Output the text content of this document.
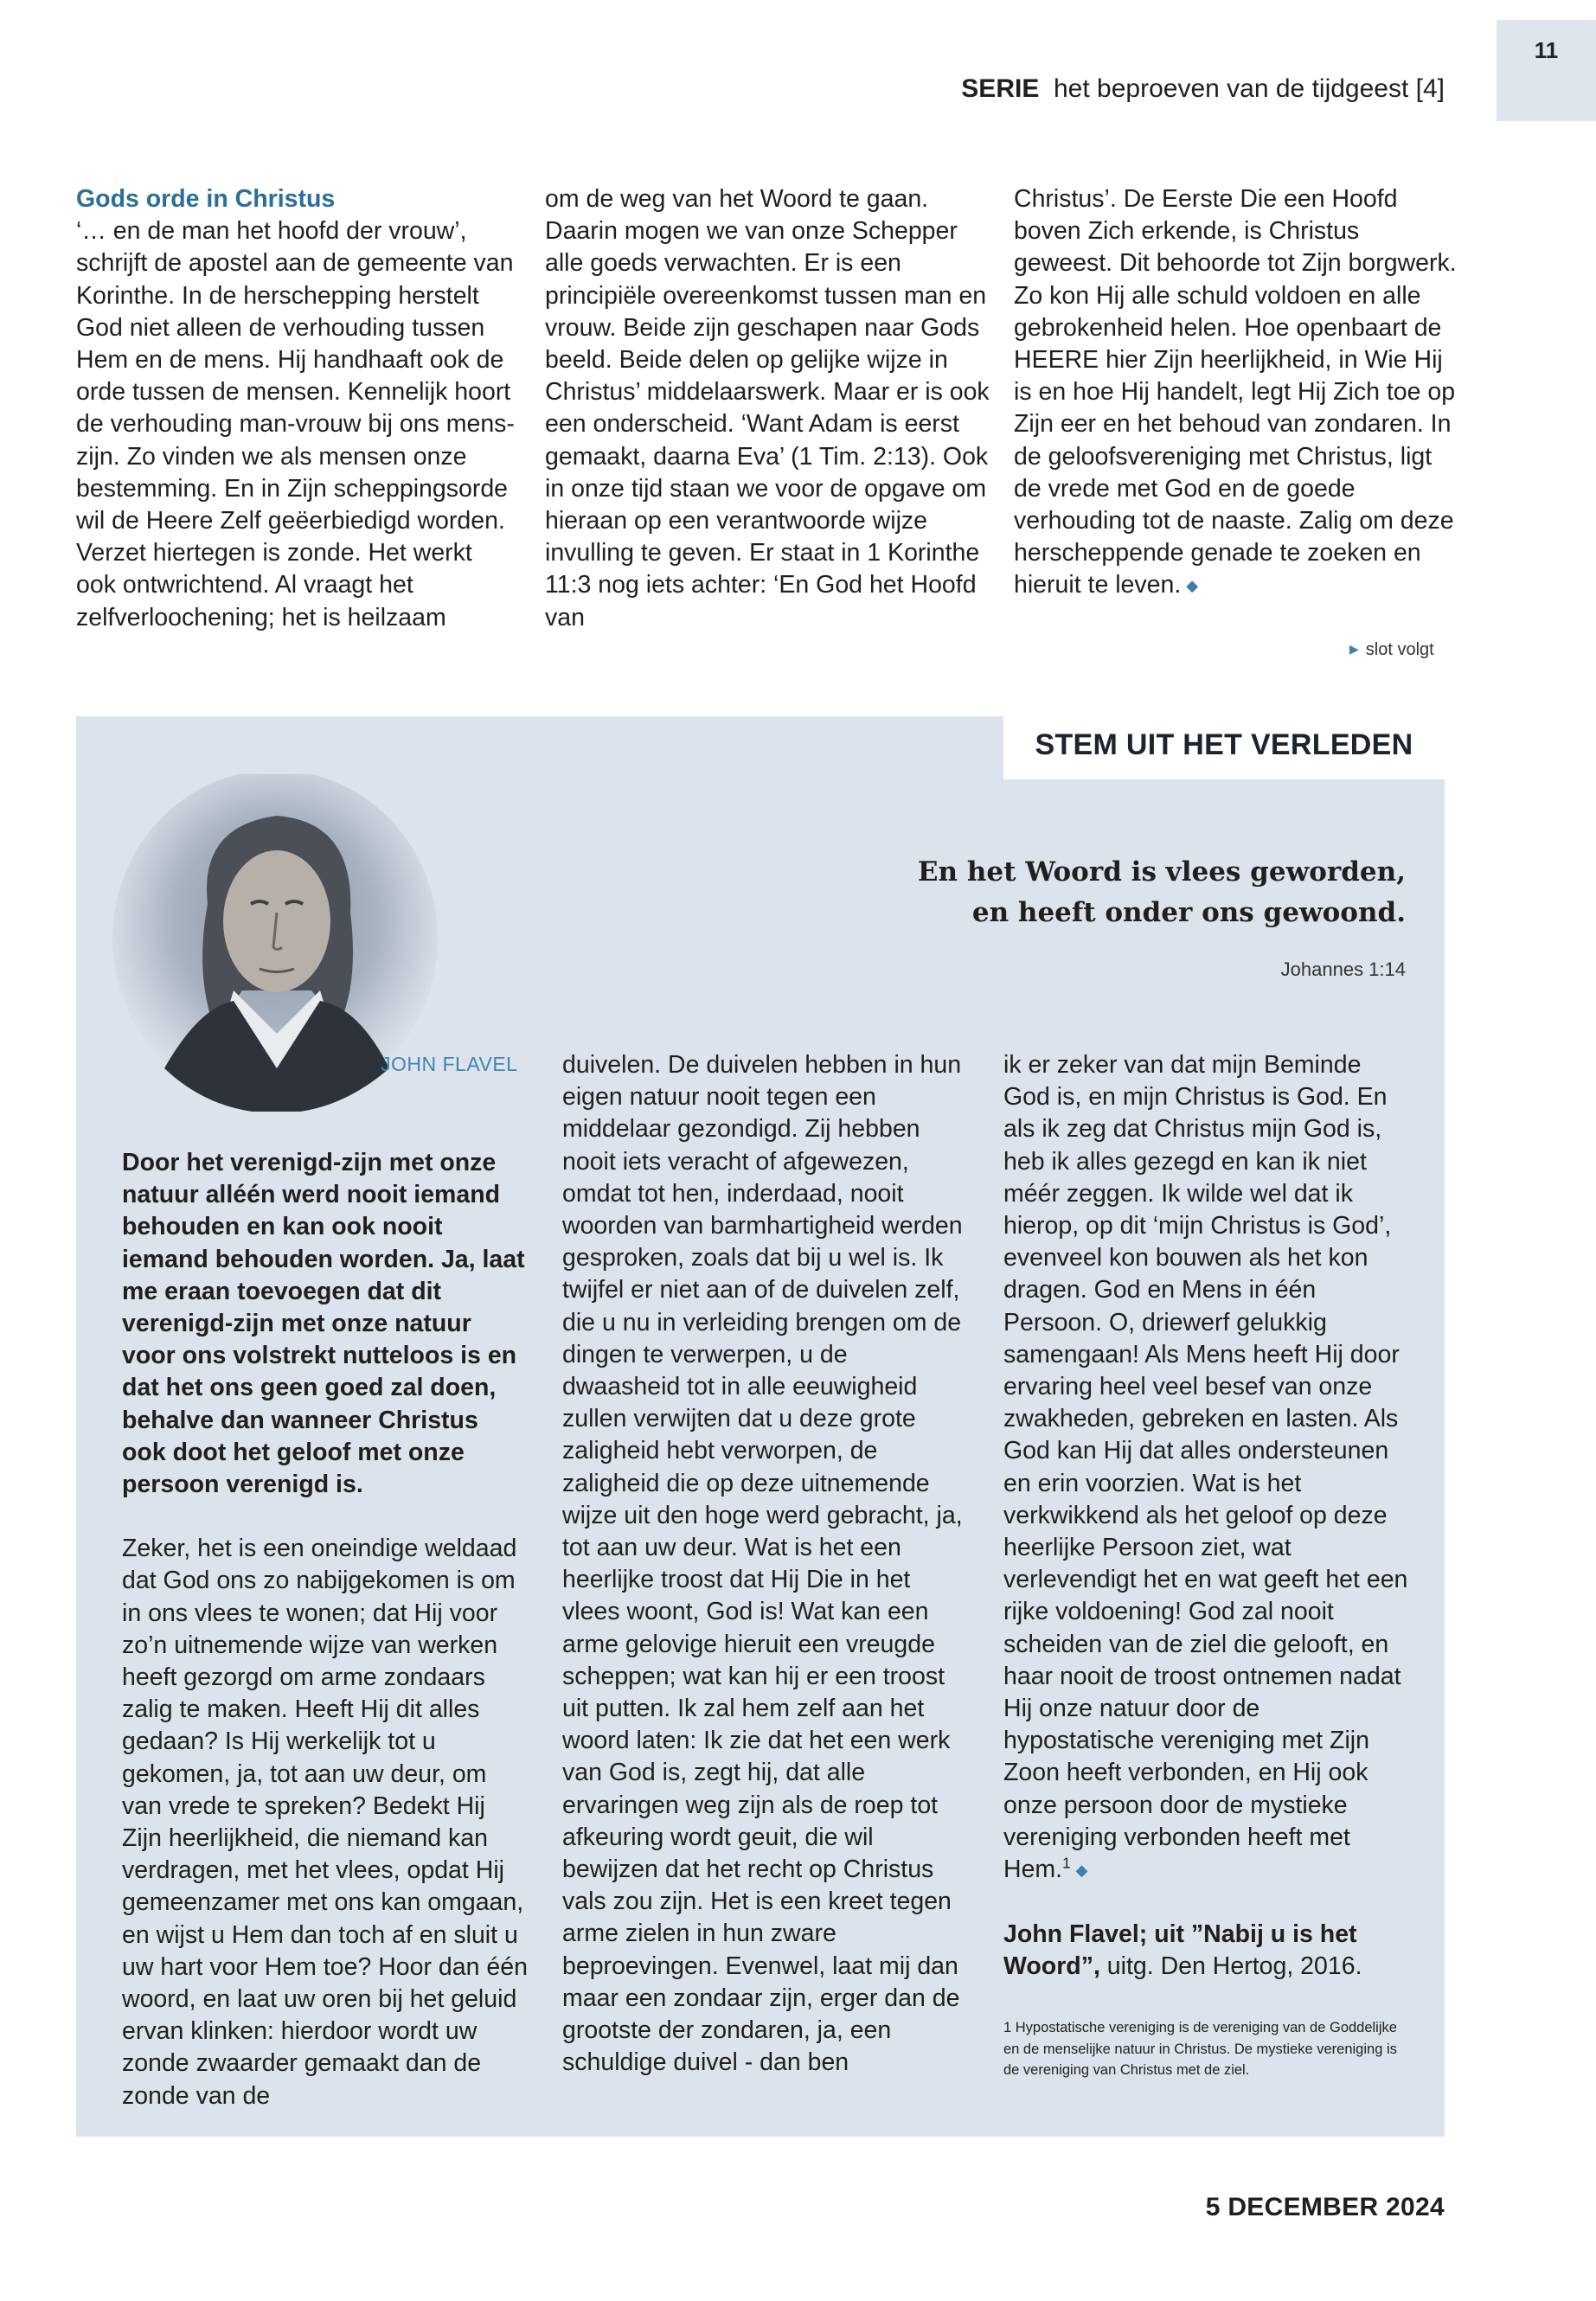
11
SERIE het beproeven van de tijdgeest [4]

Gods orde in Christus

‘… en de man het hoofd der vrouw’, schrijft de apostel aan de gemeente van Korinthe. In de herschepping herstelt God niet alleen de verhouding tussen Hem en de mens. Hij handhaaft ook de orde tussen de mensen. Kennelijk hoort de verhouding man-vrouw bij ons mens-zijn. Zo vinden we als mensen onze bestemming. En in Zijn scheppingsorde wil de Heere Zelf geëerbiedigd worden. Verzet hiertegen is zonde. Het werkt ook ontwrichtend. Al vraagt het zelfverloochening; het is heilzaam

om de weg van het Woord te gaan. Daarin mogen we van onze Schepper alle goeds verwachten. Er is een principiële overeenkomst tussen man en vrouw. Beide zijn geschapen naar Gods beeld. Beide delen op gelijke wijze in Christus’ middelaarswerk. Maar er is ook een onderscheid. ‘Want Adam is eerst gemaakt, daarna Eva’ (1 Tim. 2:13). Ook in onze tijd staan we voor de opgave om hieraan op een verantwoorde wijze invulling te geven. Er staat in 1 Korinthe 11:3 nog iets achter: ‘En God het Hoofd van

Christus’. De Eerste Die een Hoofd boven Zich erkende, is Christus geweest. Dit behoorde tot Zijn borgwerk. Zo kon Hij alle schuld voldoen en alle gebrokenheid helen. Hoe openbaart de HEERE hier Zijn heerlijkheid, in Wie Hij is en hoe Hij handelt, legt Hij Zich toe op Zijn eer en het behoud van zondaren. In de geloofsvereniging met Christus, ligt de vrede met God en de goede verhouding tot de naaste. Zalig om deze herscheppende genade te zoeken en hieruit te leven. ◆

▶ slot volgt
STEM UIT HET VERLEDEN
JOHN FLAVEL
En het Woord is vlees geworden,
en heeft onder ons gewoond.
Johannes 1:14

Door het verenigd-zijn met onze natuur alléén werd nooit iemand behouden en kan ook nooit iemand behouden worden. Ja, laat me eraan toevoegen dat dit verenigd-zijn met onze natuur voor ons volstrekt nutteloos is en dat het ons geen goed zal doen, behalve dan wanneer Christus ook doot het geloof met onze persoon verenigd is.

Zeker, het is een oneindige weldaad dat God ons zo nabijgekomen is om in ons vlees te wonen; dat Hij voor zo’n uitnemende wijze van werken heeft gezorgd om arme zondaars zalig te maken. Heeft Hij dit alles gedaan? Is Hij werkelijk tot u gekomen, ja, tot aan uw deur, om van vrede te spreken? Bedekt Hij Zijn heerlijkheid, die niemand kan verdragen, met het vlees, opdat Hij gemeenzamer met ons kan omgaan, en wijst u Hem dan toch af en sluit u uw hart voor Hem toe? Hoor dan één woord, en laat uw oren bij het geluid ervan klinken: hierdoor wordt uw zonde zwaarder gemaakt dan de zonde van de

duivelen. De duivelen hebben in hun eigen natuur nooit tegen een middelaar gezondigd. Zij hebben nooit iets veracht of afgewezen, omdat tot hen, inderdaad, nooit woorden van barmhartigheid werden gesproken, zoals dat bij u wel is. Ik twijfel er niet aan of de duivelen zelf, die u nu in verleiding brengen om de dingen te verwerpen, u de dwaasheid tot in alle eeuwigheid zullen verwijten dat u deze grote zaligheid hebt verworpen, de zaligheid die op deze uitnemende wijze uit den hoge werd gebracht, ja, tot aan uw deur. Wat is het een heerlijke troost dat Hij Die in het vlees woont, God is! Wat kan een arme gelovige hieruit een vreugde scheppen; wat kan hij er een troost uit putten. Ik zal hem zelf aan het woord laten: Ik zie dat het een werk van God is, zegt hij, dat alle ervaringen weg zijn als de roep tot afkeuring wordt geuit, die wil bewijzen dat het recht op Christus vals zou zijn. Het is een kreet tegen arme zielen in hun zware beproevingen. Evenwel, laat mij dan maar een zondaar zijn, erger dan de grootste der zondaren, ja, een schuldige duivel - dan ben

ik er zeker van dat mijn Beminde God is, en mijn Christus is God. En als ik zeg dat Christus mijn God is, heb ik alles gezegd en kan ik niet méér zeggen. Ik wilde wel dat ik hierop, op dit ‘mijn Christus is God’, evenveel kon bouwen als het kon dragen. God en Mens in één Persoon. O, driewerf gelukkig samengaan! Als Mens heeft Hij door ervaring heel veel besef van onze zwakheden, gebreken en lasten. Als God kan Hij dat alles ondersteunen en erin voorzien. Wat is het verkwikkend als het geloof op deze heerlijke Persoon ziet, wat verlevendigt het en wat geeft het een rijke voldoening! God zal nooit scheiden van de ziel die gelooft, en haar nooit de troost ontnemen nadat Hij onze natuur door de hypostatische vereniging met Zijn Zoon heeft verbonden, en Hij ook onze persoon door de mystieke vereniging verbonden heeft met Hem.$^1$ ◆

John Flavel; uit ”Nabij u is het Woord”, uitg. Den Hertog, 2016.

1 Hypostatische vereniging is de vereniging van de Goddelijke en de menselijke natuur in Christus. De mystieke vereniging is de vereniging van Christus met de ziel.
5 DECEMBER 2024
